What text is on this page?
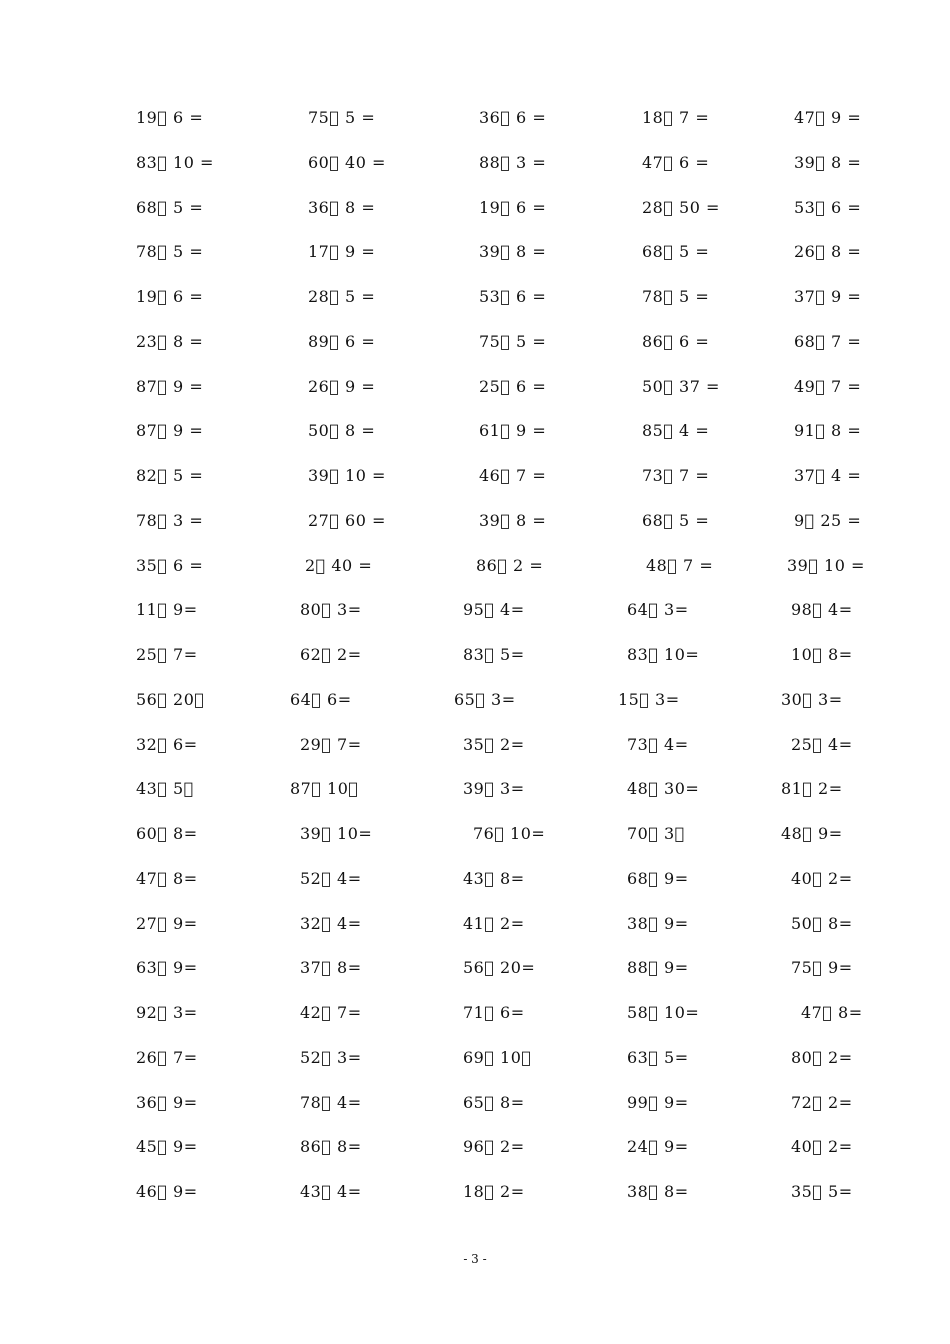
19  6 =	75  5 =	36  6 =	18  7 =	47  9 =
83  10 =	60  40 =	88  3 =	47  6 =	39  8 =
68  5 =	36  8 =	19  6 =	28  50 =	53  6 =
78  5 =	17  9 =	39  8 =	68  5 =	26  8 =
19  6 =	28  5 =	53  6 =	78  5 =	37  9 =
23  8 =	89  6 =	75  5 =	86  6 =	68  7 =
87  9 =	26  9 =	25  6 =	50  37 =	49  7 =
87  9 =	50  8 =	61  9 =	85  4 =	91  8 =
82  5 =	39  10 =	46  7 =	73  7 =	37  4 =
78  3 =	27  60 =	39  8 =	68  5 =	9  25 =
35  6 =	2  40 =	86  2 =	48  7 =	39  10 =
11  9=	80  3=	95  4=	64  3=	98  4=
25  7=	62  2=	83  5=	83  10=	10  8=
56  20 	64  6=	65  3=	15  3=	30  3=
32  6=	29  7=	35  2=	73  4=	25  4=
43  5 	87  10 	39  3=	48  30=	81  2=
60  8=	39  10=	76  10=	70  3 	48  9=
47  8=	52  4=	43  8=	68  9=	40  2=
27  9=	32  4=	41  2=	38  9=	50  8=
63  9=	37  8=	56  20=	88  9=	75  9=
92  3=	42  7=	71  6=	58  10=	47  8=
26  7=	52  3=	69  10 	63  5=	80  2=
36  9=	78  4=	65  8=	99  9=	72  2=
45  9=	86  8=	96  2=	24  9=	40  2=
46  9=	43  4=	18  2=	38  8=	35  5=
- 3 -
